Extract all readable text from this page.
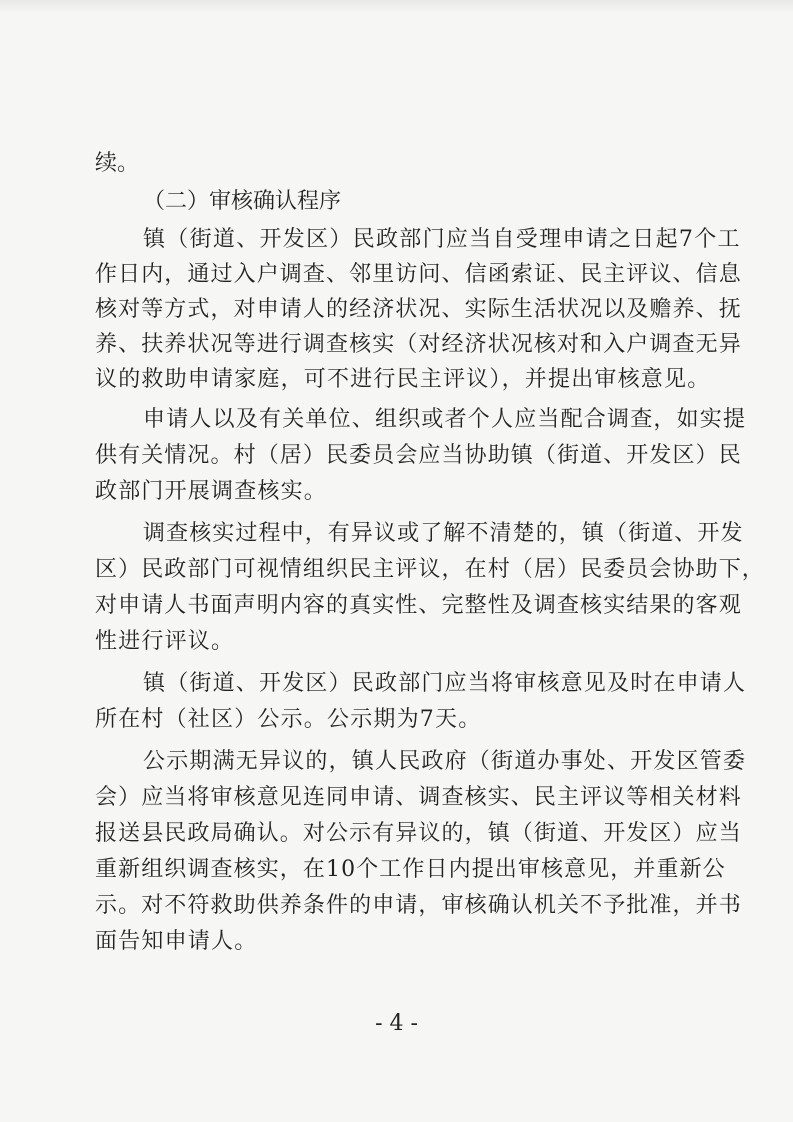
续。
（二）审核确认程序
镇（街道、开发区）民政部门应当自受理申请之日起7个工
作日内，通过入户调查、邻里访问、信函索证、民主评议、信息
核对等方式，对申请人的经济状况、实际生活状况以及赡养、抚
养、扶养状况等进行调查核实（对经济状况核对和入户调查无异
议的救助申请家庭，可不进行民主评议），并提出审核意见。
申请人以及有关单位、组织或者个人应当配合调查，如实提
供有关情况。村（居）民委员会应当协助镇（街道、开发区）民
政部门开展调查核实。
调查核实过程中，有异议或了解不清楚的，镇（街道、开发
区）民政部门可视情组织民主评议，在村（居）民委员会协助下，
对申请人书面声明内容的真实性、完整性及调查核实结果的客观
性进行评议。
镇（街道、开发区）民政部门应当将审核意见及时在申请人
所在村（社区）公示。公示期为7天。
公示期满无异议的，镇人民政府（街道办事处、开发区管委
会）应当将审核意见连同申请、调查核实、民主评议等相关材料
报送县民政局确认。对公示有异议的，镇（街道、开发区）应当
重新组织调查核实，在10个工作日内提出审核意见，并重新公
示。对不符救助供养条件的申请，审核确认机关不予批准，并书
面告知申请人。
- 4 -
